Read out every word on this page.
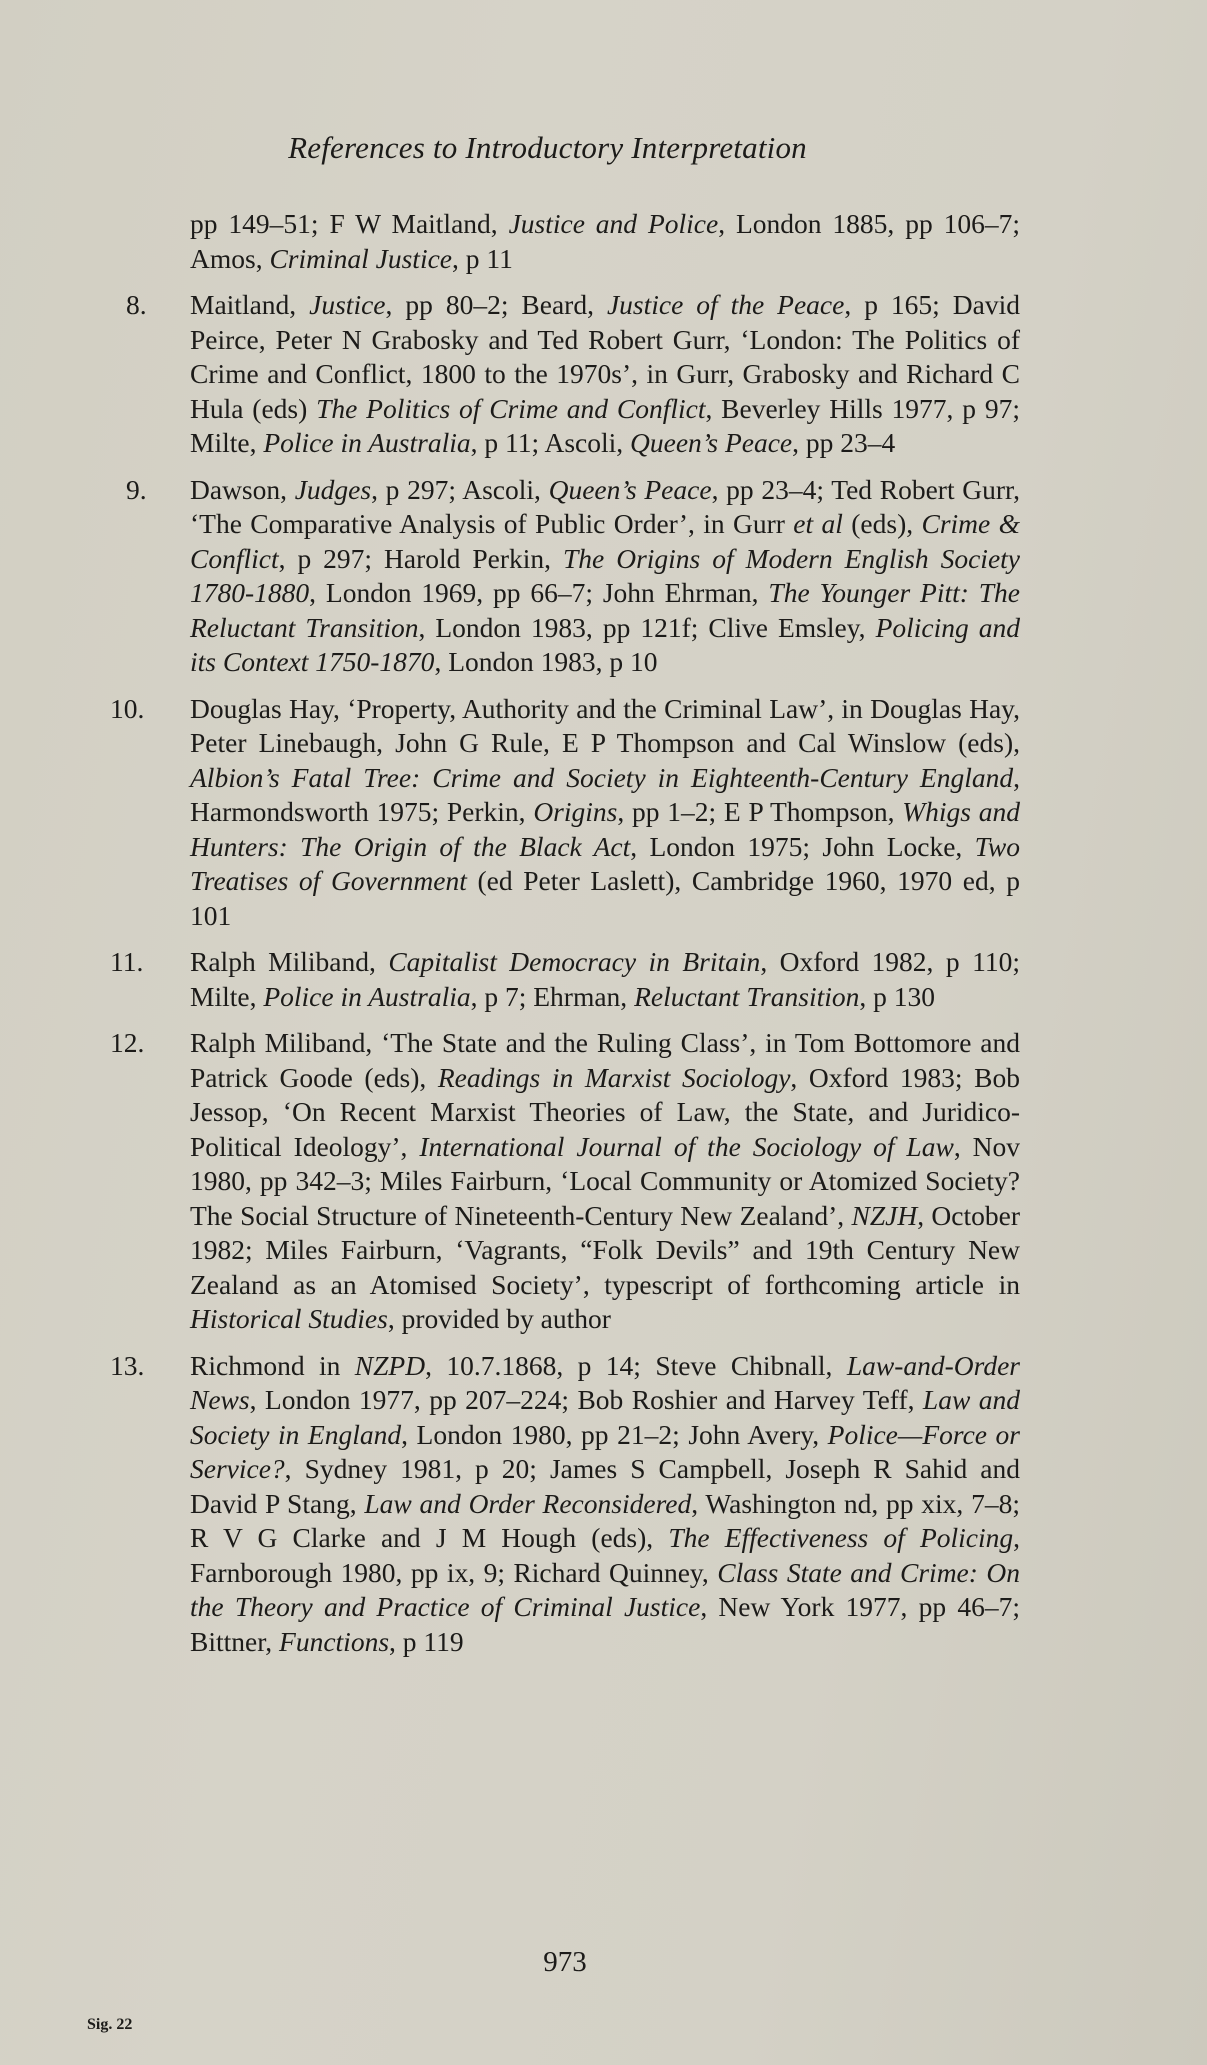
References to Introductory Interpretation
pp 149–51; F W Maitland, Justice and Police, London 1885, pp 106–7; Amos, Criminal Justice, p 11
8.	Maitland, Justice, pp 80–2; Beard, Justice of the Peace, p 165; David Peirce, Peter N Grabosky and Ted Robert Gurr, ‘London: The Politics of Crime and Conflict, 1800 to the 1970s’, in Gurr, Grabosky and Richard C Hula (eds) The Politics of Crime and Conflict, Beverley Hills 1977, p 97; Milte, Police in Australia, p 11; Ascoli, Queen’s Peace, pp 23–4
9.	Dawson, Judges, p 297; Ascoli, Queen’s Peace, pp 23–4; Ted Robert Gurr, ‘The Comparative Analysis of Public Order’, in Gurr et al (eds), Crime & Conflict, p 297; Harold Perkin, The Origins of Modern English Society 1780-1880, London 1969, pp 66–7; John Ehrman, The Younger Pitt: The Reluctant Transition, London 1983, pp 121f; Clive Emsley, Policing and its Context 1750-1870, London 1983, p 10
10.	Douglas Hay, ‘Property, Authority and the Criminal Law’, in Douglas Hay, Peter Linebaugh, John G Rule, E P Thompson and Cal Winslow (eds), Albion’s Fatal Tree: Crime and Society in Eighteenth-Century England, Harmondsworth 1975; Perkin, Origins, pp 1–2; E P Thompson, Whigs and Hunters: The Origin of the Black Act, London 1975; John Locke, Two Treatises of Government (ed Peter Laslett), Cambridge 1960, 1970 ed, p 101
11.	Ralph Miliband, Capitalist Democracy in Britain, Oxford 1982, p 110; Milte, Police in Australia, p 7; Ehrman, Reluctant Transition, p 130
12.	Ralph Miliband, ‘The State and the Ruling Class’, in Tom Bottomore and Patrick Goode (eds), Readings in Marxist Sociology, Oxford 1983; Bob Jessop, ‘On Recent Marxist Theories of Law, the State, and Juridico-Political Ideology’, International Journal of the Sociology of Law, Nov 1980, pp 342–3; Miles Fairburn, ‘Local Community or Atomized Society? The Social Structure of Nineteenth-Century New Zealand’, NZJH, October 1982; Miles Fairburn, ‘Vagrants, “Folk Devils” and 19th Century New Zealand as an Atomised Society’, typescript of forthcoming article in Historical Studies, provided by author
13.	Richmond in NZPD, 10.7.1868, p 14; Steve Chibnall, Law-and-Order News, London 1977, pp 207–224; Bob Roshier and Harvey Teff, Law and Society in England, London 1980, pp 21–2; John Avery, Police—Force or Service?, Sydney 1981, p 20; James S Campbell, Joseph R Sahid and David P Stang, Law and Order Reconsidered, Washington nd, pp xix, 7–8; R V G Clarke and J M Hough (eds), The Effectiveness of Policing, Farnborough 1980, pp ix, 9; Richard Quinney, Class State and Crime: On the Theory and Practice of Criminal Justice, New York 1977, pp 46–7; Bittner, Functions, p 119
973
Sig. 22
